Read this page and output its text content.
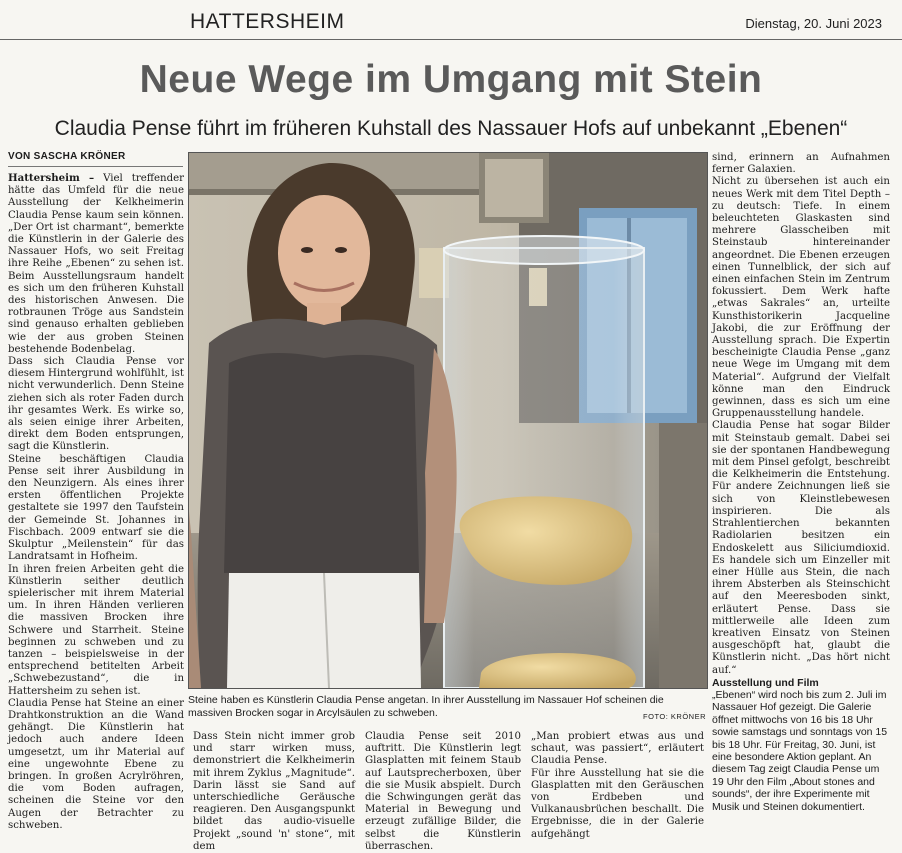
HATTERSHEIM	Dienstag, 20. Juni 2023
Neue Wege im Umgang mit Stein
Claudia Pense führt im früheren Kuhstall des Nassauer Hofs auf unbekannt „Ebenen“
VON SASCHA KRÖNER

Hattersheim – Viel treffender hätte das Umfeld für die neue Ausstellung der Kelkheimerin Claudia Pense kaum sein können. „Der Ort ist charmant“, bemerkte die Künstlerin in der Galerie des Nassauer Hofs, wo seit Freitag ihre Reihe „Ebenen“ zu sehen ist. Beim Ausstellungsraum handelt es sich um den früheren Kuhstall des historischen Anwesen. Die rotbraunen Tröge aus Sandstein sind genauso erhalten geblieben wie der aus groben Steinen bestehende Bodenbelag.

Dass sich Claudia Pense vor diesem Hintergrund wohlfühlt, ist nicht verwunderlich. Denn Steine ziehen sich als roter Faden durch ihr gesamtes Werk. Es wirke so, als seien einige ihrer Arbeiten, direkt dem Boden entsprungen, sagt die Künstlerin.

Steine beschäftigen Claudia Pense seit ihrer Ausbildung in den Neunzigern. Als eines ihrer ersten öffentlichen Projekte gestaltete sie 1997 den Taufstein der Gemeinde St. Johannes in Fischbach. 2009 entwarf sie die Skulptur „Meilenstein“ für das Landratsamt in Hofheim.

In ihren freien Arbeiten geht die Künstlerin seither deutlich spielerischer mit ihrem Material um. In ihren Händen verlieren die massiven Brocken ihre Schwere und Starrheit. Steine beginnen zu schweben und zu tanzen – beispielsweise in der entsprechend betitelten Arbeit „Schwebezustand“, die in Hattersheim zu sehen ist.

Claudia Pense hat Steine an einer Drahtkonstruktion an die Wand gehängt. Die Künstlerin hat jedoch auch andere Ideen umgesetzt, um ihr Material auf eine ungewohnte Ebene zu bringen. In großen Acrylröhren, die vom Boden aufragen, scheinen die Steine vor den Augen der Betrachter zu schweben.

Steine haben es Künstlerin Claudia Pense angetan. In ihrer Ausstellung im Nassauer Hof scheinen die massiven Brocken sogar in Arcylsäulen zu schweben.	FOTO: KRÖNER

Dass Stein nicht immer grob und starr wirken muss, demonstriert die Kelkheimerin mit ihrem Zyklus „Magnitude“. Darin lässt sie Sand auf unterschiedliche Geräusche reagieren. Den Ausgangspunkt bildet das audio-visuelle Projekt „sound 'n' stone“, mit dem

Claudia Pense seit 2010 auftritt. Die Künstlerin legt Glasplatten mit feinem Staub auf Lautsprecherboxen, über die sie Musik abspielt. Durch die Schwingungen gerät das Material in Bewegung und erzeugt zufällige Bilder, die selbst die Künstlerin überraschen.

„Man probiert etwas aus und schaut, was passiert“, erläutert Claudia Pense.

Für ihre Ausstellung hat sie die Glasplatten mit den Geräuschen von Erdbeben und Vulkanausbrüchen beschallt. Die Ergebnisse, die in der Galerie aufgehängt

sind, erinnern an Aufnahmen ferner Galaxien.

Nicht zu übersehen ist auch ein neues Werk mit dem Titel Depth – zu deutsch: Tiefe. In einem beleuchteten Glaskasten sind mehrere Glasscheiben mit Steinstaub hintereinander angeordnet. Die Ebenen erzeugen einen Tunnelblick, der sich auf einen einfachen Stein im Zentrum fokussiert. Dem Werk hafte „etwas Sakrales“ an, urteilte Kunsthistorikerin Jacqueline Jakobi, die zur Eröffnung der Ausstellung sprach. Die Expertin bescheinigte Claudia Pense „ganz neue Wege im Umgang mit dem Material“. Aufgrund der Vielfalt könne man den Eindruck gewinnen, dass es sich um eine Gruppenausstellung handele.

Claudia Pense hat sogar Bilder mit Steinstaub gemalt. Dabei sei sie der spontanen Handbewegung mit dem Pinsel gefolgt, beschreibt die Kelkheimerin die Entstehung. Für andere Zeichnungen ließ sie sich von Kleinstlebewesen inspirieren. Die als Strahlentierchen bekannten Radiolarien besitzen ein Endoskelett aus Siliciumdioxid. Es handele sich um Einzeller mit einer Hülle aus Stein, die nach ihrem Absterben als Steinschicht auf den Meeresboden sinkt, erläutert Pense. Dass sie mittlerweile alle Ideen zum kreativen Einsatz von Steinen ausgeschöpft hat, glaubt die Künstlerin nicht. „Das hört nicht auf.“

Ausstellung und Film
„Ebenen“ wird noch bis zum 2. Juli im Nassauer Hof gezeigt. Die Galerie öffnet mittwochs von 16 bis 18 Uhr sowie samstags und sonntags von 15 bis 18 Uhr. Für Freitag, 30. Juni, ist eine besondere Aktion geplant. An diesem Tag zeigt Claudia Pense um 19 Uhr den Film „About stones and sounds“, der ihre Experimente mit Musik und Steinen dokumentiert.
